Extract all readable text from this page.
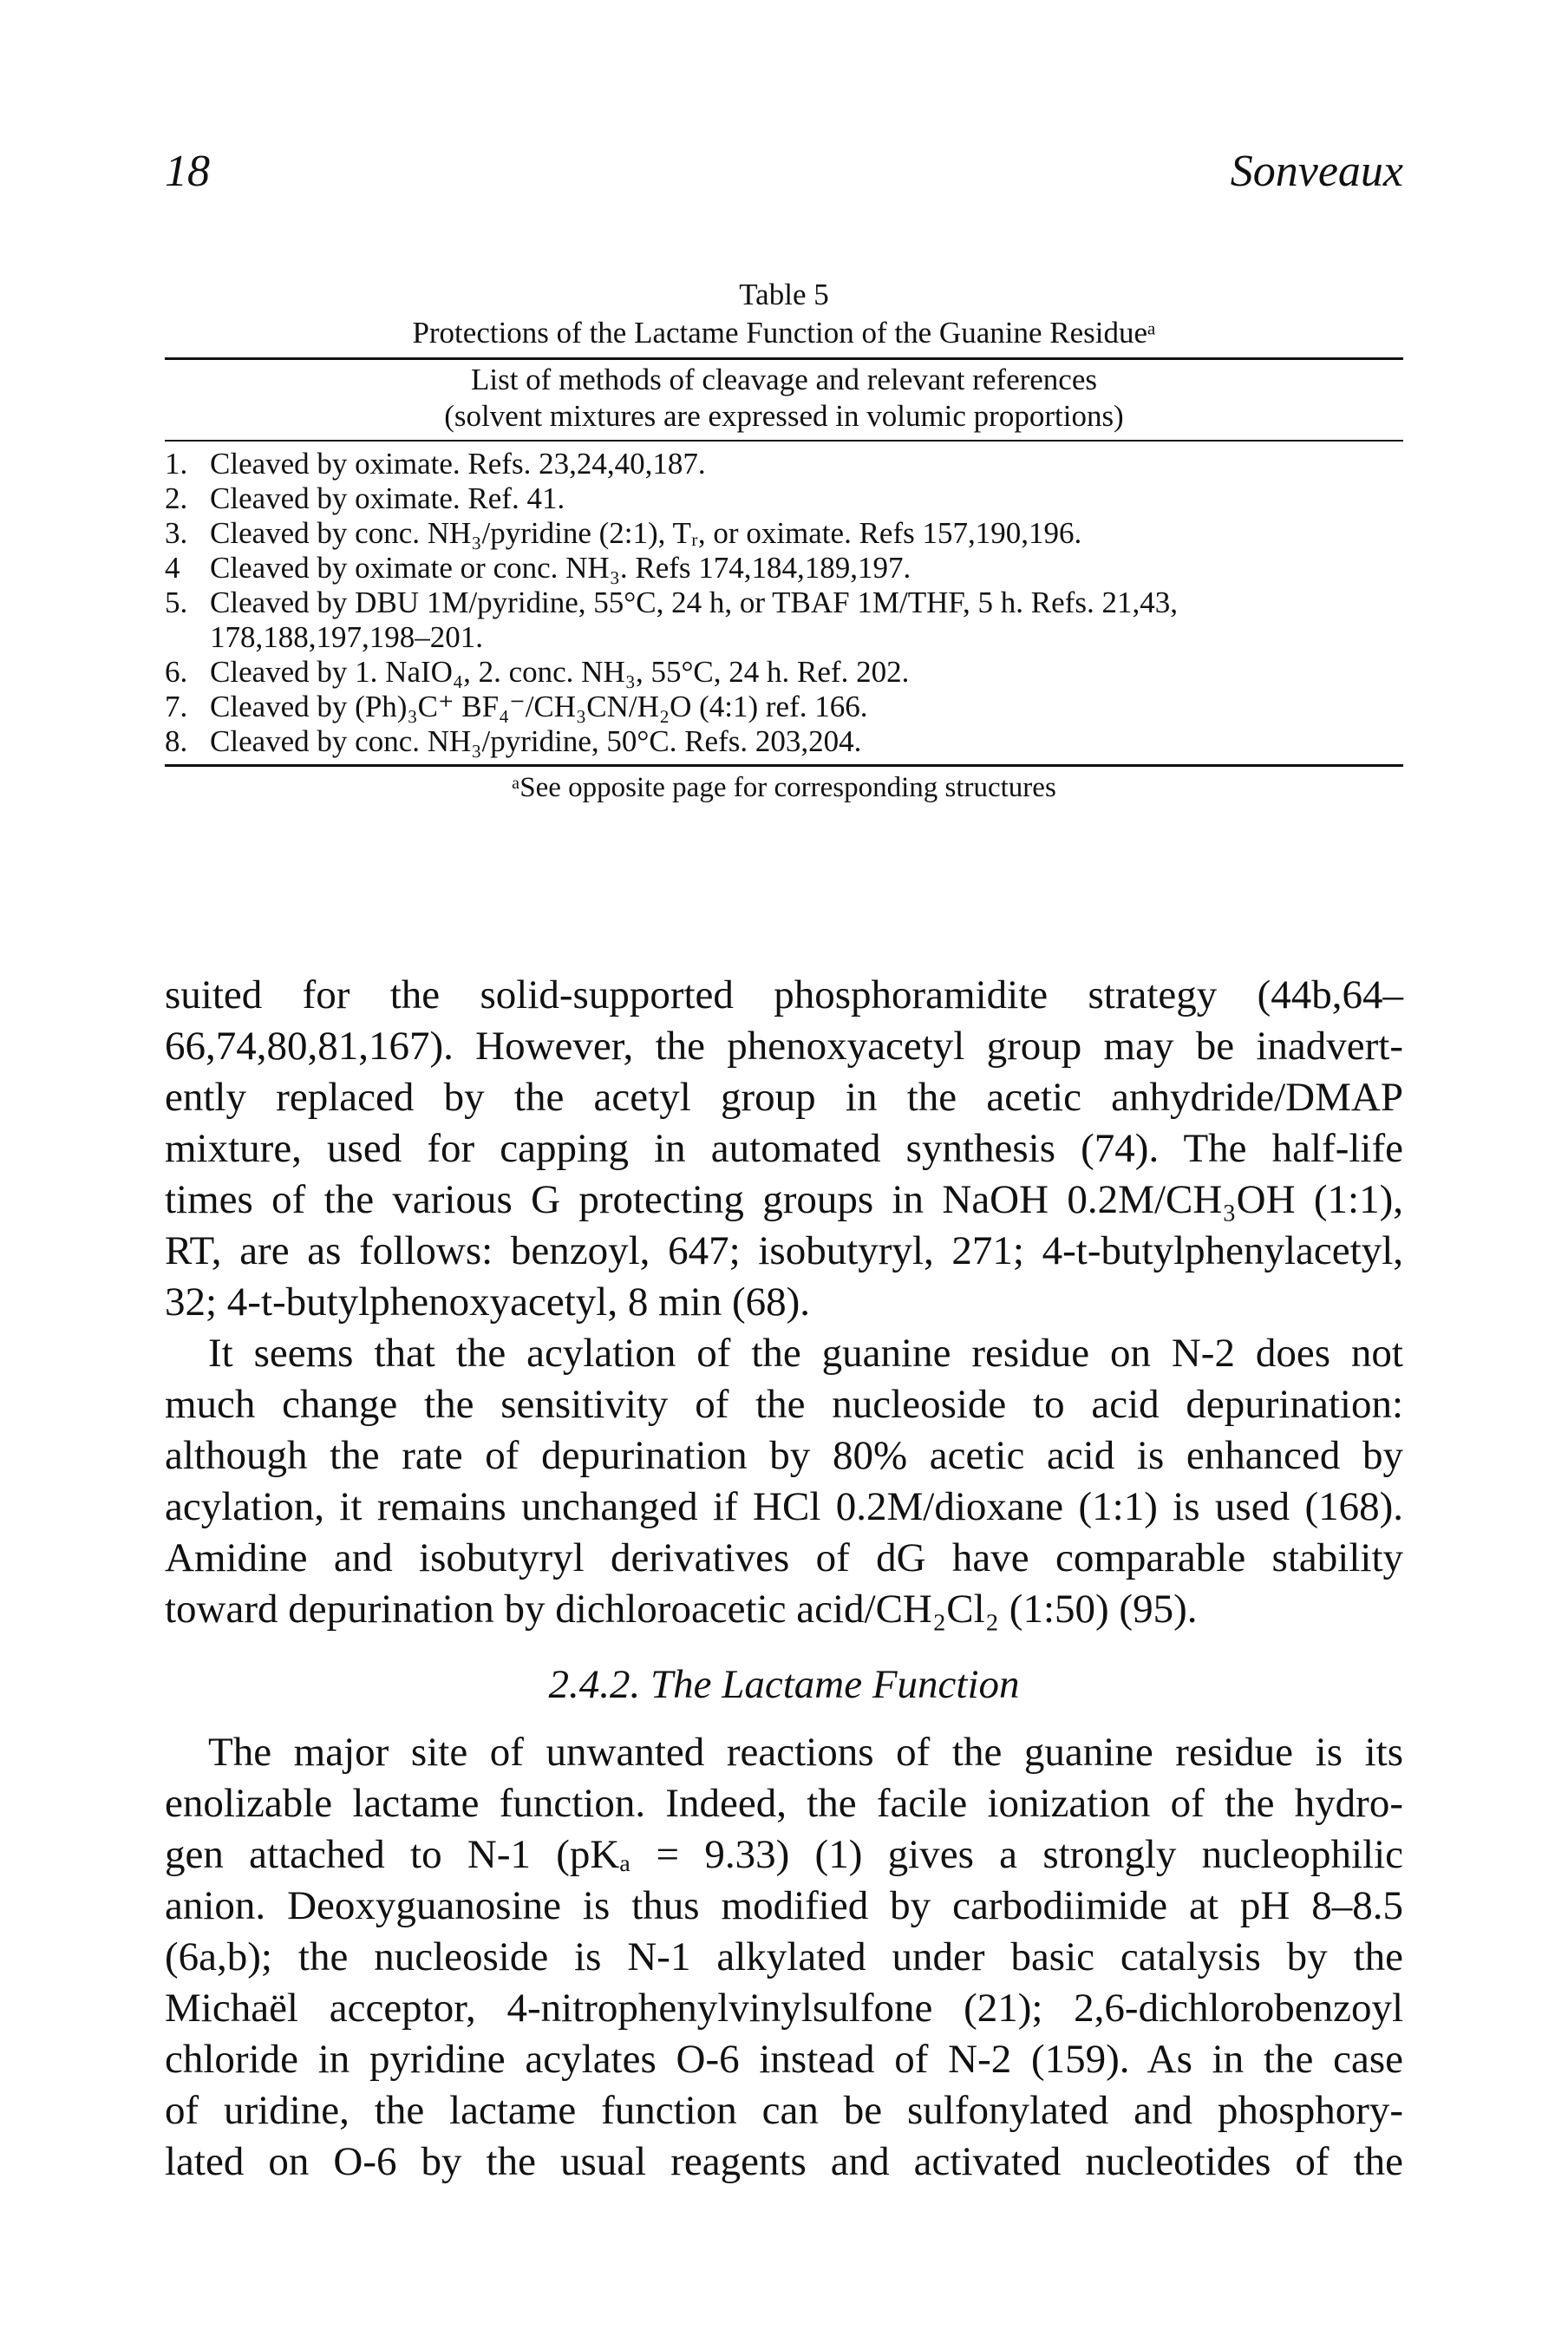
18	Sonveaux
Table 5
Protections of the Lactame Function of the Guanine Residueᵃ
List of methods of cleavage and relevant references
(solvent mixtures are expressed in volumic proportions)
1. Cleaved by oximate. Refs. 23,24,40,187.
2. Cleaved by oximate. Ref. 41.
3. Cleaved by conc. NH₃/pyridine (2:1), Tᵣ, or oximate. Refs 157,190,196.
4 Cleaved by oximate or conc. NH₃. Refs 174,184,189,197.
5. Cleaved by DBU 1M/pyridine, 55°C, 24 h, or TBAF 1M/THF, 5 h. Refs. 21,43,
178,188,197,198–201.
6. Cleaved by 1. NaIO₄, 2. conc. NH₃, 55°C, 24 h. Ref. 202.
7. Cleaved by (Ph)₃C⁺ BF₄⁻/CH₃CN/H₂O (4:1) ref. 166.
8. Cleaved by conc. NH₃/pyridine, 50°C. Refs. 203,204.
ᵃSee opposite page for corresponding structures
suited for the solid-supported phosphoramidite strategy (44b,64–
66,74,80,81,167). However, the phenoxyacetyl group may be inadvert-
ently replaced by the acetyl group in the acetic anhydride/DMAP
mixture, used for capping in automated synthesis (74). The half-life
times of the various G protecting groups in NaOH 0.2M/CH₃OH (1:1),
RT, are as follows: benzoyl, 647; isobutyryl, 271; 4-t-butylphenylacetyl,
32; 4-t-butylphenoxyacetyl, 8 min (68).
It seems that the acylation of the guanine residue on N-2 does not
much change the sensitivity of the nucleoside to acid depurination:
although the rate of depurination by 80% acetic acid is enhanced by
acylation, it remains unchanged if HCl 0.2M/dioxane (1:1) is used (168).
Amidine and isobutyryl derivatives of dG have comparable stability
toward depurination by dichloroacetic acid/CH₂Cl₂ (1:50) (95).
2.4.2. The Lactame Function
The major site of unwanted reactions of the guanine residue is its
enolizable lactame function. Indeed, the facile ionization of the hydro-
gen attached to N-1 (pKₐ = 9.33) (1) gives a strongly nucleophilic
anion. Deoxyguanosine is thus modified by carbodiimide at pH 8–8.5
(6a,b); the nucleoside is N-1 alkylated under basic catalysis by the
Michaël acceptor, 4-nitrophenylvinylsulfone (21); 2,6-dichlorobenzoyl
chloride in pyridine acylates O-6 instead of N-2 (159). As in the case
of uridine, the lactame function can be sulfonylated and phosphory-
lated on O-6 by the usual reagents and activated nucleotides of the
